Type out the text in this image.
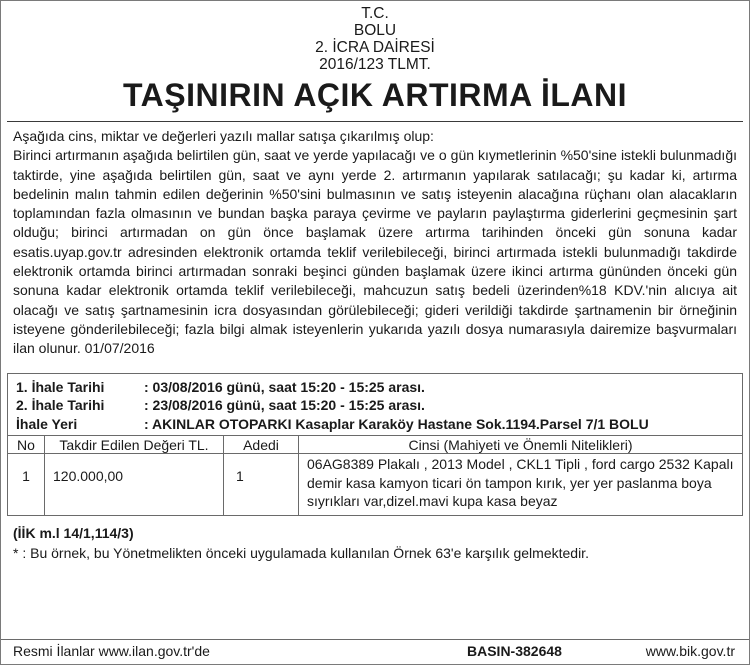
T.C.
BOLU
2. İCRA DAİRESİ
2016/123 TLMT.
TAŞINIRIN AÇIK ARTIRMA İLANI
Aşağıda cins, miktar ve değerleri yazılı mallar satışa çıkarılmış olup:
Birinci artırmanın aşağıda belirtilen gün, saat ve yerde yapılacağı ve o gün kıymetlerinin %50'sine istekli bulunmadığı taktirde, yine aşağıda belirtilen gün, saat ve aynı yerde 2. artırmanın yapılarak satılacağı; şu kadar ki, artırma bedelinin malın tahmin edilen değerinin %50'sini bulmasının ve satış isteyenin alacağına rüçhanı olan alacakların toplamından fazla olmasının ve bundan başka paraya çevirme ve payların paylaştırma giderlerini geçmesinin şart olduğu; birinci artırmadan on gün önce başlamak üzere artırma tarihinden önceki gün sonuna kadar esatis.uyap.gov.tr adresinden elektronik ortamda teklif verilebileceği, birinci artırmada istekli bulunmadığı takdirde elektronik ortamda birinci artırmadan sonraki beşinci günden başlamak üzere ikinci artırma gününden önceki gün sonuna kadar elektronik ortamda teklif verilebileceği, mahcuzun satış bedeli üzerinden%18 KDV.'nin alıcıya ait olacağı ve satış şartnamesinin icra dosyasından görülebileceği; gideri verildiği takdirde şartnamenin bir örneğinin isteyene gönderilebileceği; fazla bilgi almak isteyenlerin yukarıda yazılı dosya numarasıyla dairemize başvurmaları ilan olunur. 01/07/2016
1. İhale Tarihi	: 03/08/2016 günü, saat 15:20 - 15:25 arası.
2. İhale Tarihi	: 23/08/2016 günü, saat 15:20 - 15:25 arası.
İhale Yeri	: AKINLAR OTOPARKI Kasaplar Karaköy Hastane Sok.1194.Parsel 7/1 BOLU
No	Takdir Edilen Değeri TL.	Adedi	Cinsi (Mahiyeti ve Önemli Nitelikleri)
1	120.000,00	1	06AG8389 Plakalı , 2013 Model , CKL1 Tipli , ford cargo 2532 Kapalı demir kasa kamyon ticari ön tampon kırık, yer yer paslanma boya sıyrıkları var,dizel.mavi kupa kasa beyaz
(İİK m.l 14/1,114/3)
* : Bu örnek, bu Yönetmelikten önceki uygulamada kullanılan Örnek 63'e karşılık gelmektedir.
Resmi İlanlar www.ilan.gov.tr'de	BASIN-382648	www.bik.gov.tr
